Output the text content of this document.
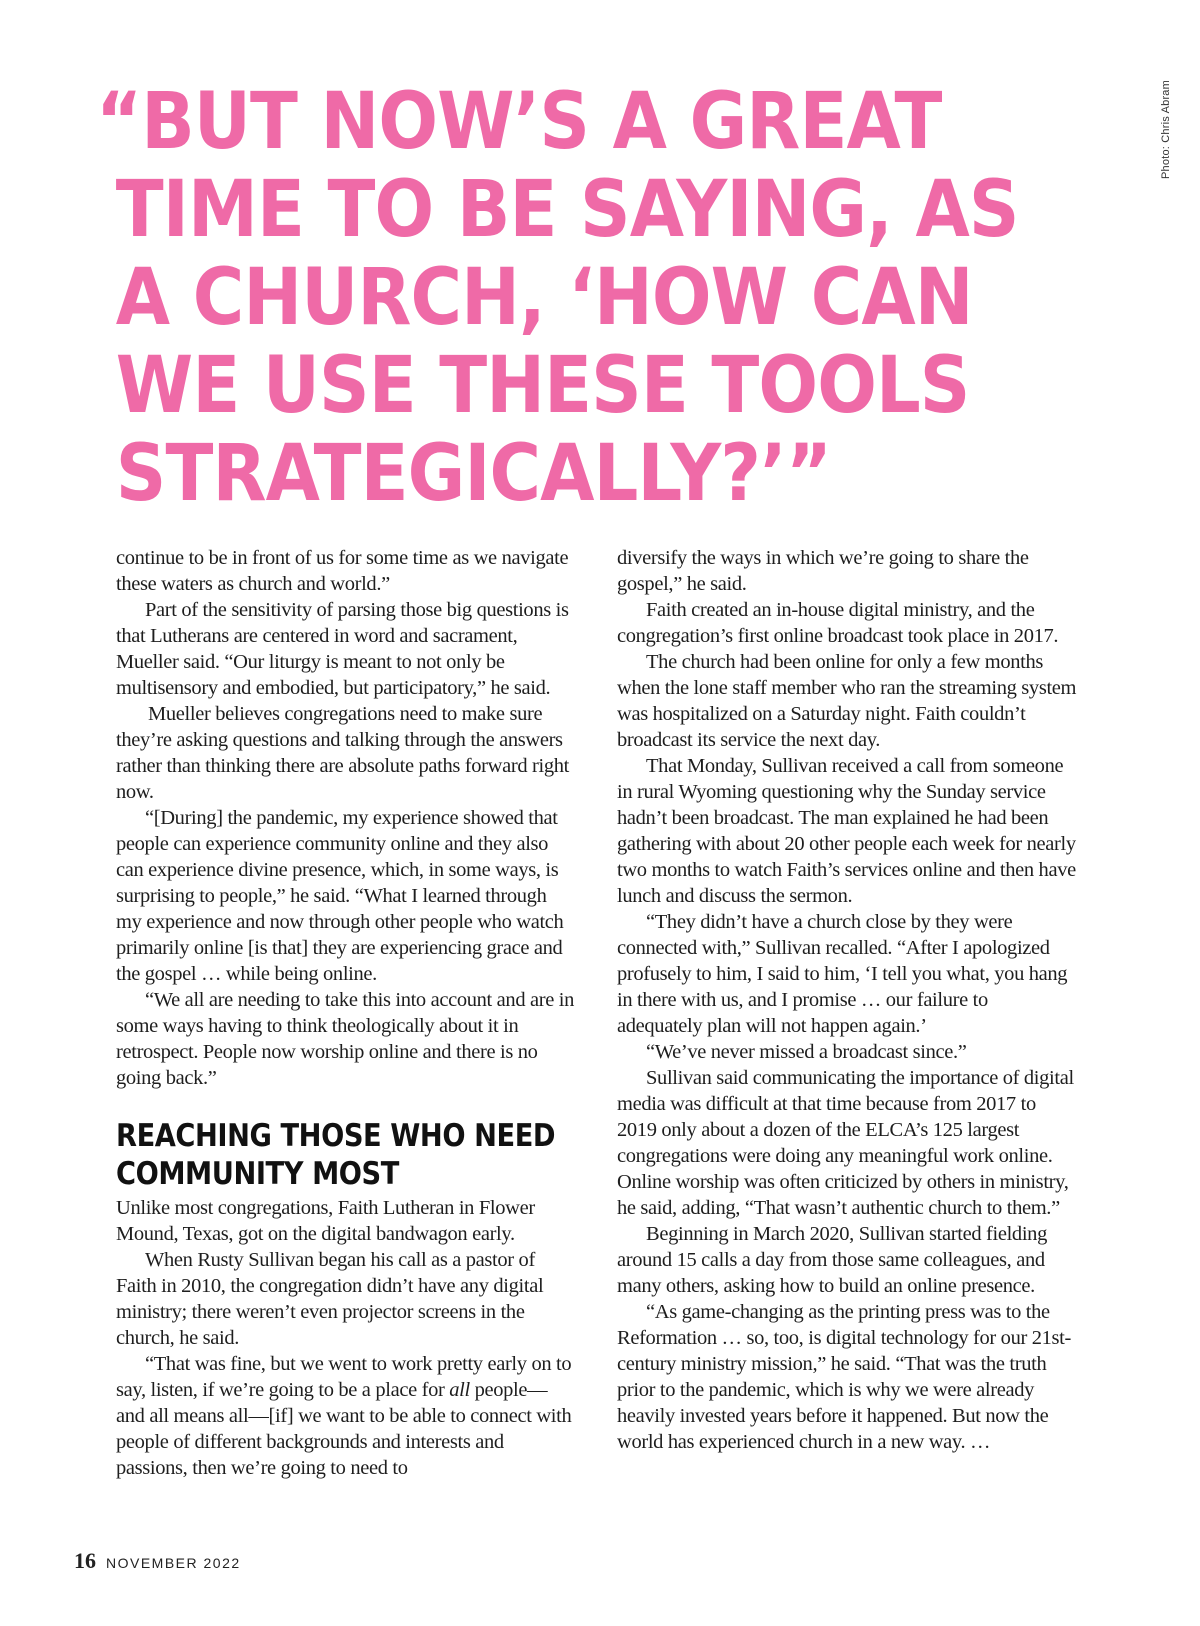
Photo: Chris Abram
“BUT NOW’S A GREAT
TIME TO BE SAYING, AS
A CHURCH, ‘HOW CAN
WE USE THESE TOOLS
STRATEGICALLY?’”

continue to be in front of us for some time as we navigate these waters as church and world.”

Part of the sensitivity of parsing those big questions is that Lutherans are centered in word and sacrament, Mueller said. “Our liturgy is meant to not only be multisensory and embodied, but participatory,” he said.

Mueller believes congregations need to make sure they’re asking questions and talking through the answers rather than thinking there are absolute paths forward right now.

“[During] the pandemic, my experience showed that people can experience community online and they also can experience divine presence, which, in some ways, is surprising to people,” he said. “What I learned through my experience and now through other people who watch primarily online [is that] they are experiencing grace and the gospel … while being online.

“We all are needing to take this into account and are in some ways having to think theologically about it in retrospect. People now worship online and there is no going back.”

REACHING THOSE WHO NEED
COMMUNITY MOST

Unlike most congregations, Faith Lutheran in Flower Mound, Texas, got on the digital bandwagon early.

When Rusty Sullivan began his call as a pastor of Faith in 2010, the congregation didn’t have any digital ministry; there weren’t even projector screens in the church, he said.

“That was fine, but we went to work pretty early on to say, listen, if we’re going to be a place for all people—and all means all—[if] we want to be able to connect with people of different backgrounds and interests and passions, then we’re going to need to

diversify the ways in which we’re going to share the gospel,” he said.

Faith created an in-house digital ministry, and the congregation’s first online broadcast took place in 2017.

The church had been online for only a few months when the lone staff member who ran the streaming system was hospitalized on a Saturday night. Faith couldn’t broadcast its service the next day.

That Monday, Sullivan received a call from someone in rural Wyoming questioning why the Sunday service hadn’t been broadcast. The man explained he had been gathering with about 20 other people each week for nearly two months to watch Faith’s services online and then have lunch and discuss the sermon.

“They didn’t have a church close by they were connected with,” Sullivan recalled. “After I apologized profusely to him, I said to him, ‘I tell you what, you hang in there with us, and I promise … our failure to adequately plan will not happen again.’

“We’ve never missed a broadcast since.”

Sullivan said communicating the importance of digital media was difficult at that time because from 2017 to 2019 only about a dozen of the ELCA’s 125 largest congregations were doing any meaningful work online. Online worship was often criticized by others in ministry, he said, adding, “That wasn’t authentic church to them.”

Beginning in March 2020, Sullivan started fielding around 15 calls a day from those same colleagues, and many others, asking how to build an online presence.

“As game-changing as the printing press was to the Reformation … so, too, is digital technology for our 21st-century ministry mission,” he said. “That was the truth prior to the pandemic, which is why we were already heavily invested years before it happened. But now the world has experienced church in a new way. …

16 NOVEMBER 2022
